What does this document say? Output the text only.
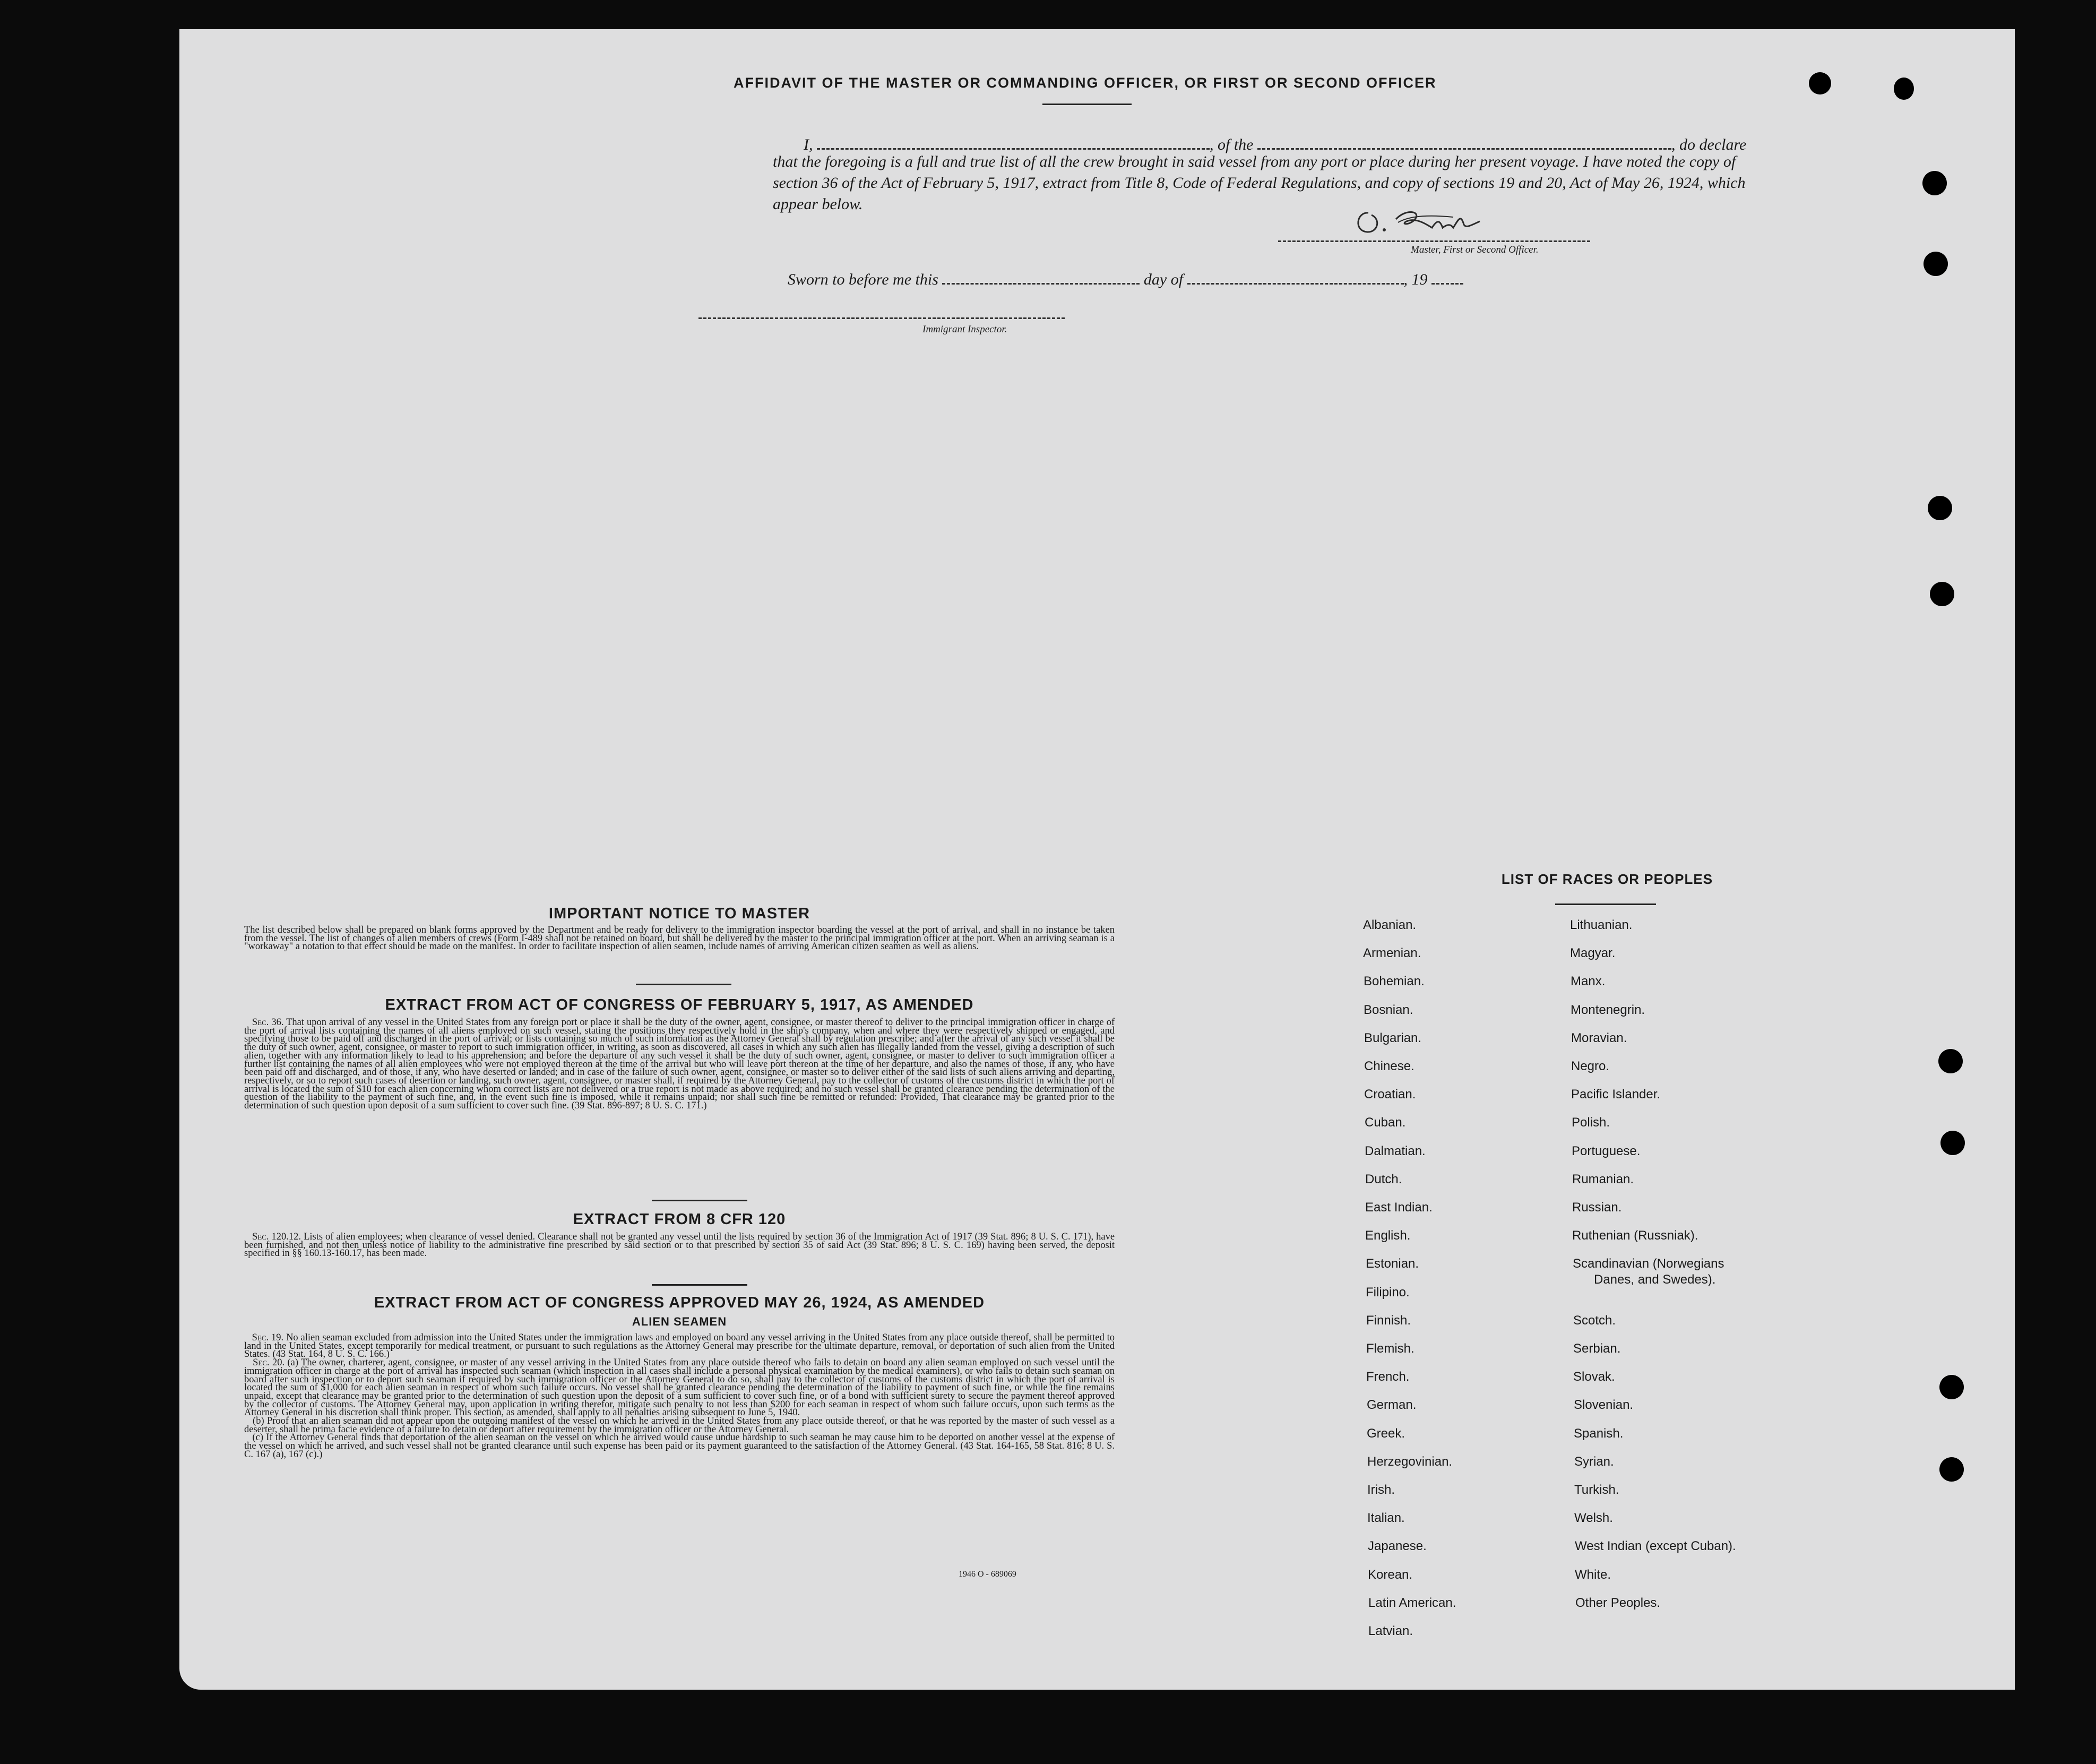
AFFIDAVIT OF THE MASTER OR COMMANDING OFFICER, OR FIRST OR SECOND OFFICER
I,	, of the	, do declare
that the foregoing is a full and true list of all the crew brought in said vessel from any port or place during her present voyage. I have noted the copy of section 36 of the Act of February 5, 1917, extract from Title 8, Code of Federal Regulations, and copy of sections 19 and 20, Act of May 26, 1924, which appear below.
Master, First or Second Officer.
Sworn to before me this	day of	, 19
Immigrant Inspector.
IMPORTANT NOTICE TO MASTER
The list described below shall be prepared on blank forms approved by the Department and be ready for delivery to the immigration inspector boarding the vessel at the port of arrival, and shall in no instance be taken from the vessel. The list of changes of alien members of crews (Form I-489 shall not be retained on board, but shall be delivered by the master to the principal immigration officer at the port. When an arriving seaman is a "workaway" a notation to that effect should be made on the manifest. In order to facilitate inspection of alien seamen, include names of arriving American citizen seamen as well as aliens.
EXTRACT FROM ACT OF CONGRESS OF FEBRUARY 5, 1917, AS AMENDED
Sec. 36. That upon arrival of any vessel in the United States from any foreign port or place it shall be the duty of the owner, agent, consignee, or master thereof to deliver to the principal immigration officer in charge of the port of arrival lists containing the names of all aliens employed on such vessel, stating the positions they respectively hold in the ship's company, when and where they were respectively shipped or engaged, and specifying those to be paid off and discharged in the port of arrival; or lists containing so much of such information as the Attorney General shall by regulation prescribe; and after the arrival of any such vessel it shall be the duty of such owner, agent, consignee, or master to report to such immigration officer, in writing, as soon as discovered, all cases in which any such alien has illegally landed from the vessel, giving a description of such alien, together with any information likely to lead to his apprehension; and before the departure of any such vessel it shall be the duty of such owner, agent, consignee, or master to deliver to such immigration officer a further list containing the names of all alien employees who were not employed thereon at the time of the arrival but who will leave port thereon at the time of her departure, and also the names of those, if any, who have been paid off and discharged, and of those, if any, who have deserted or landed; and in case of the failure of such owner, agent, consignee, or master so to deliver either of the said lists of such aliens arriving and departing, respectively, or so to report such cases of desertion or landing, such owner, agent, consignee, or master shall, if required by the Attorney General, pay to the collector of customs of the customs district in which the port of arrival is located the sum of $10 for each alien concerning whom correct lists are not delivered or a true report is not made as above required; and no such vessel shall be granted clearance pending the determination of the question of the liability to the payment of such fine, and, in the event such fine is imposed, while it remains unpaid; nor shall such fine be remitted or refunded: Provided, That clearance may be granted prior to the determination of such question upon deposit of a sum sufficient to cover such fine. (39 Stat. 896-897; 8 U. S. C. 171.)
EXTRACT FROM 8 CFR 120
Sec. 120.12. Lists of alien employees; when clearance of vessel denied. Clearance shall not be granted any vessel until the lists required by section 36 of the Immigration Act of 1917 (39 Stat. 896; 8 U. S. C. 171), have been furnished, and not then unless notice of liability to the administrative fine prescribed by said section or to that prescribed by section 35 of said Act (39 Stat. 896; 8 U. S. C. 169) having been served, the deposit specified in §§ 160.13-160.17, has been made.
EXTRACT FROM ACT OF CONGRESS APPROVED MAY 26, 1924, AS AMENDED
ALIEN SEAMEN
Sec. 19. No alien seaman excluded from admission into the United States under the immigration laws and employed on board any vessel arriving in the United States from any place outside thereof, shall be permitted to land in the United States, except temporarily for medical treatment, or pursuant to such regulations as the Attorney General may prescribe for the ultimate departure, removal, or deportation of such alien from the United States. (43 Stat. 164, 8 U. S. C. 166.)
Sec. 20. (a) The owner, charterer, agent, consignee, or master of any vessel arriving in the United States from any place outside thereof who fails to detain on board any alien seaman employed on such vessel until the immigration officer in charge at the port of arrival has inspected such seaman (which inspection in all cases shall include a personal physical examination by the medical examiners), or who fails to detain such seaman on board after such inspection or to deport such seaman if required by such immigration officer or the Attorney General to do so, shall pay to the collector of customs of the customs district in which the port of arrival is located the sum of $1,000 for each alien seaman in respect of whom such failure occurs. No vessel shall be granted clearance pending the determination of the liability to payment of such fine, or while the fine remains unpaid, except that clearance may be granted prior to the determination of such question upon the deposit of a sum sufficient to cover such fine, or of a bond with sufficient surety to secure the payment thereof approved by the collector of customs. The Attorney General may, upon application in writing therefor, mitigate such penalty to not less than $200 for each seaman in respect of whom such failure occurs, upon such terms as the Attorney General in his discretion shall think proper. This section, as amended, shall apply to all penalties arising subsequent to June 5, 1940.
(b) Proof that an alien seaman did not appear upon the outgoing manifest of the vessel on which he arrived in the United States from any place outside thereof, or that he was reported by the master of such vessel as a deserter, shall be prima facie evidence of a failure to detain or deport after requirement by the immigration officer or the Attorney General.
(c) If the Attorney General finds that deportation of the alien seaman on the vessel on which he arrived would cause undue hardship to such seaman he may cause him to be deported on another vessel at the expense of the vessel on which he arrived, and such vessel shall not be granted clearance until such expense has been paid or its payment guaranteed to the satisfaction of the Attorney General. (43 Stat. 164-165, 58 Stat. 816; 8 U. S. C. 167 (a), 167 (c).)
1946 O - 689069
LIST OF RACES OR PEOPLES
Albanian.
Armenian.
Bohemian.
Bosnian.
Bulgarian.
Chinese.
Croatian.
Cuban.
Dalmatian.
Dutch.
East Indian.
English.
Estonian.
Filipino.
Finnish.
Flemish.
French.
German.
Greek.
Herzegovinian.
Irish.
Italian.
Japanese.
Korean.
Latin American.
Latvian.
Lithuanian.
Magyar.
Manx.
Montenegrin.
Moravian.
Negro.
Pacific Islander.
Polish.
Portuguese.
Rumanian.
Russian.
Ruthenian (Russniak).
Scandinavian (Norwegians
Danes, and Swedes).
Scotch.
Serbian.
Slovak.
Slovenian.
Spanish.
Syrian.
Turkish.
Welsh.
West Indian (except Cuban).
White.
Other Peoples.
